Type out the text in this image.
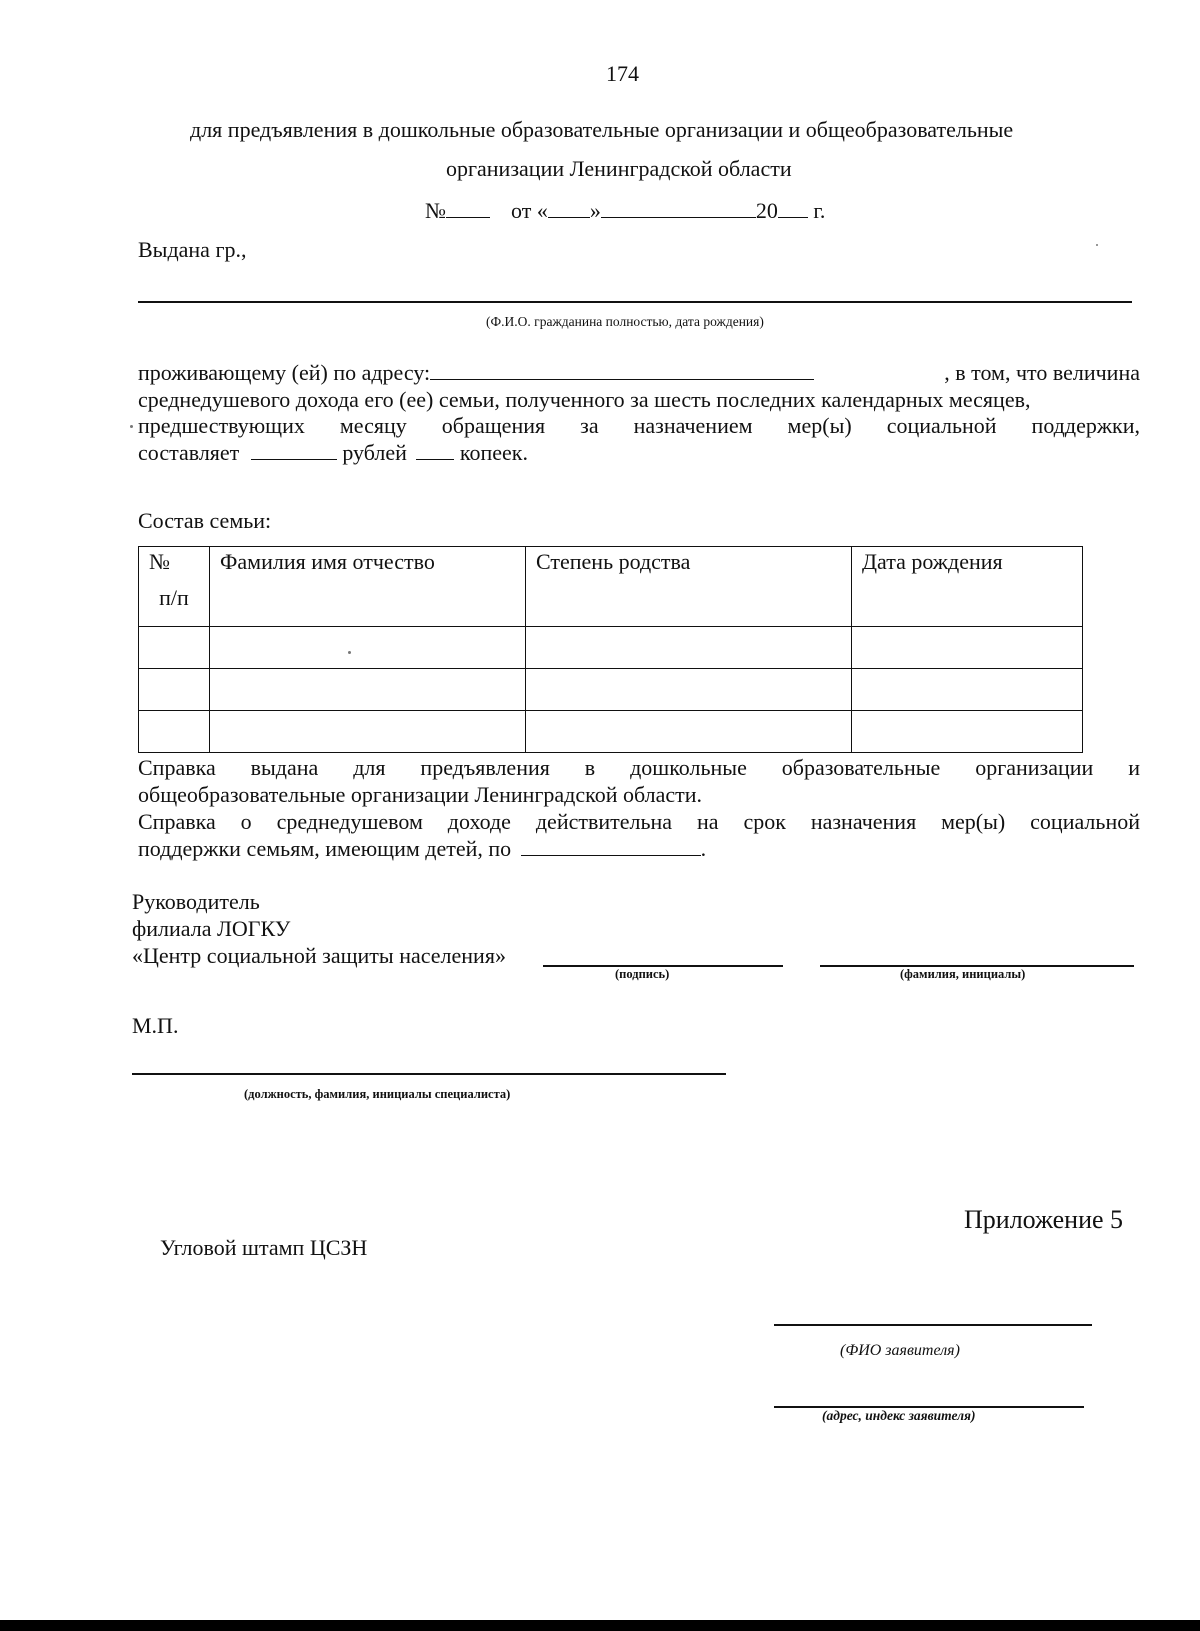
174
для предъявления в дошкольные образовательные организации и общеобразовательные
организации Ленинградской области
№	от « »	20 г.
Выдана гр.,
(Ф.И.О. гражданина полностью, дата рождения)
проживающему (ей) по адресу:	, в том, что величина
среднедушевого дохода его (ее) семьи, полученного за шесть последних календарных месяцев,
предшествующих месяцу обращения за назначением мер(ы) социальной поддержки,
составляет	рублей копеек.
Состав семьи:
№
п/п	Фамилия имя отчество	Степень родства	Дата рождения

Справка выдана для предъявления в дошкольные образовательные организации и
общеобразовательные организации Ленинградской области.
Справка о среднедушевом доходе действительна на срок назначения мер(ы) социальной
поддержки семьям, имеющим детей, по	.
Руководитель
филиала ЛОГКУ
«Центр социальной защиты населения»
(подпись)	(фамилия, инициалы)
М.П.
(должность, фамилия, инициалы специалиста)
Приложение 5
Угловой штамп ЦСЗН
(ФИО заявителя)
(адрес, индекс заявителя)
